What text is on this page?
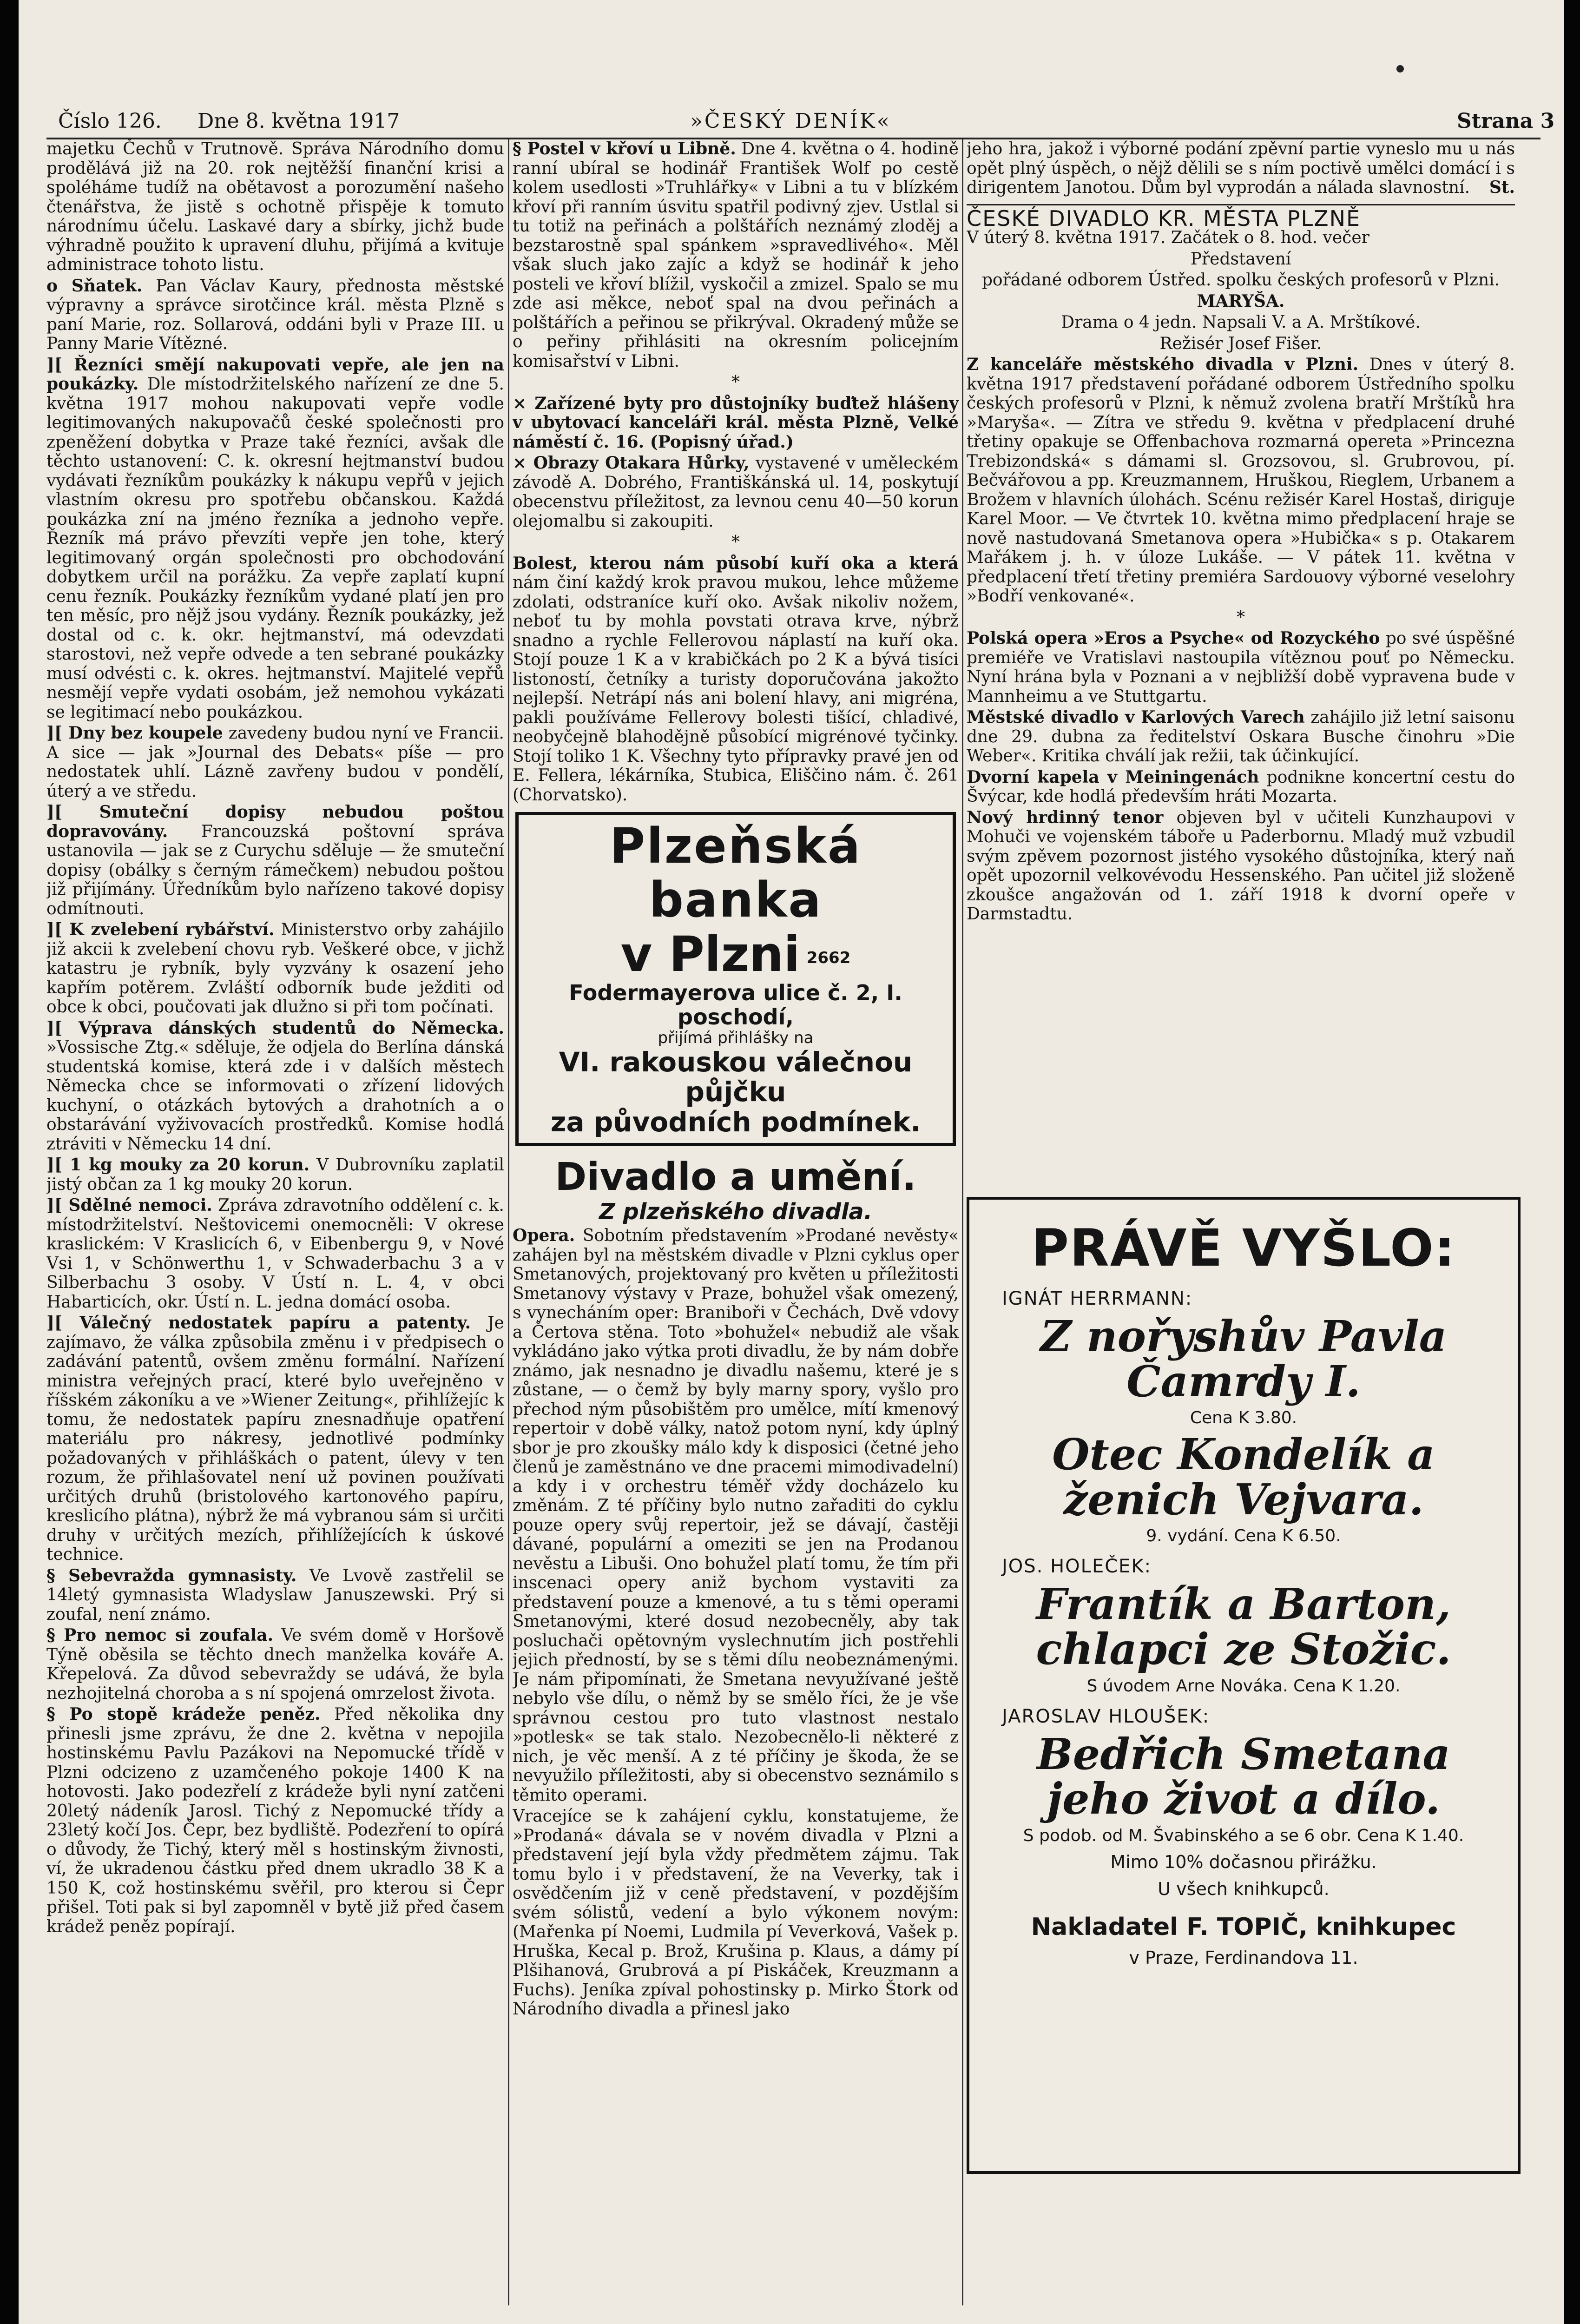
Číslo 126. Dne 8. května 1917	»ČESKÝ DENÍK«	Strana 3

majetku Čechů v Trutnově. Správa Národního domu prodělává již na 20. rok nejtěžší finanční krisi a spoléháme tudíž na obětavost a porozumění našeho čtenářstva, že jistě s ochotně přispěje k tomuto národnímu účelu. Laskavé dary a sbírky, jichž bude výhradně použito k upravení dluhu, přijímá a kvituje administrace tohoto listu.

o Sňatek. Pan Václav Kaury, přednosta městské výpravny a správce sirotčince král. města Plzně s paní Marie, roz. Sollarová, oddáni byli v Praze III. u Panny Marie Vítězné.

][ Řezníci smějí nakupovati vepře, ale jen na poukázky. Dle místodržitelského nařízení ze dne 5. května 1917 mohou nakupovati vepře vodle legitimovaných nakupovačů české společnosti pro zpeněžení dobytka v Praze také řezníci, avšak dle těchto ustanovení: C. k. okresní hejtmanství budou vydávati řezníkům poukázky k nákupu vepřů v jejich vlastním okresu pro spotřebu občanskou. Každá poukázka zní na jméno řezníka a jednoho vepře. Řezník má právo převzíti vepře jen tohe, který legitimovaný orgán společnosti pro obchodování dobytkem určil na porážku. Za vepře zaplatí kupní cenu řezník. Poukázky řezníkům vydané platí jen pro ten měsíc, pro nějž jsou vydány. Řezník poukázky, jež dostal od c. k. okr. hejtmanství, má odevzdati starostovi, než vepře odvede a ten sebrané poukázky musí odvésti c. k. okres. hejtmanství. Majitelé vepřů nesmějí vepře vydati osobám, jež nemohou vykázati se legitimací nebo poukázkou.

][ Dny bez koupele zavedeny budou nyní ve Francii. A sice — jak »Journal des Debats« píše — pro nedostatek uhlí. Lázně zavřeny budou v pondělí, úterý a ve středu.

][ Smuteční dopisy nebudou poštou dopravovány. Francouzská poštovní správa ustanovila — jak se z Curychu sděluje — že smuteční dopisy (obálky s černým rámečkem) nebudou poštou již přijímány. Úředníkům bylo nařízeno takové dopisy odmítnouti.

][ K zvelebení rybářství. Ministerstvo orby zahájilo již akcii k zvelebení chovu ryb. Veškeré obce, v jichž katastru je rybník, byly vyzvány k osazení jeho kapřím potěrem. Zvláští odborník bude ježditi od obce k obci, poučovati jak dlužno si při tom počínati.

][ Výprava dánských studentů do Německa. »Vossische Ztg.« sděluje, že odjela do Berlína dánská studentská komise, která zde i v dalších městech Německa chce se informovati o zřízení lidových kuchyní, o otázkách bytových a drahotních a o obstarávání vyživovacích prostředků. Komise hodlá ztráviti v Německu 14 dní.

][ 1 kg mouky za 20 korun. V Dubrovníku zaplatil jistý občan za 1 kg mouky 20 korun.

][ Sdělné nemoci. Zpráva zdravotního oddělení c. k. místodržitelství. Neštovicemi onemocněli: V okrese kraslickém: V Kraslicích 6, v Eibenbergu 9, v Nové Vsi 1, v Schönwerthu 1, v Schwaderbachu 3 a v Silberbachu 3 osoby. V Ústí n. L. 4, v obci Habarticích, okr. Ústí n. L. jedna domácí osoba.

][ Válečný nedostatek papíru a patenty. Je zajímavo, že válka způsobila změnu i v předpisech o zadávání patentů, ovšem změnu formální. Nařízení ministra veřejných prací, které bylo uveřejněno v říšském zákoníku a ve »Wiener Zeitung«, přihlížejíc k tomu, že nedostatek papíru znesnadňuje opatření materiálu pro nákresy, jednotlivé podmínky požadovaných v přihláškách o patent, úlevy v ten rozum, že přihlašovatel není už povinen používati určitých druhů (bristolového kartonového papíru, kreslicího plátna), nýbrž že má vybranou sám si určiti druhy v určitých mezích, přihlížejících k úskové technice.

§ Sebevražda gymnasisty. Ve Lvově zastřelil se 14letý gymnasista Wladyslaw Januszewski. Prý si zoufal, není známo.

§ Pro nemoc si zoufala. Ve svém domě v Horšově Týně oběsila se těchto dnech manželka kováře A. Křepelová. Za důvod sebevraždy se udává, že byla nezhojitelná choroba a s ní spojená omrzelost života.

§ Po stopě krádeže peněz. Před několika dny přinesli jsme zprávu, že dne 2. května v nepojila hostinskému Pavlu Pazákovi na Nepomucké třídě v Plzni odcizeno z uzamčeného pokoje 1400 K na hotovosti. Jako podezřelí z krádeže byli nyní zatčeni 20letý nádeník Jarosl. Tichý z Nepomucké třídy a 23letý kočí Jos. Čepr, bez bydliště. Podezření to opírá o důvody, že Tichý, který měl s hostinským živnosti, ví, že ukradenou částku před dnem ukradlo 38 K a 150 K, což hostinskému svěřil, pro kterou si Čepr přišel. Toti pak si byl zapomněl v bytě již před časem krádež peněz popírají.

§ Postel v křoví u Libně. Dne 4. května o 4. hodině ranní ubíral se hodinář František Wolf po cestě kolem usedlosti »Truhlářky« v Libni a tu v blízkém křoví při ranním úsvitu spatřil podivný zjev. Ustlal si tu totiž na peřinách a polštářích neznámý zloděj a bezstarostně spal spánkem »spravedlivého«. Měl však sluch jako zajíc a když se hodinář k jeho posteli ve křoví blížil, vyskočil a zmizel. Spalo se mu zde asi měkce, neboť spal na dvou peřinách a polštářích a peřinou se přikrýval. Okradený může se o peřiny přihlásiti na okresním policejním komisařství v Libni.

*

× Zařízené byty pro důstojníky buďtež hlášeny v ubytovací kanceláři král. města Plzně, Velké náměstí č. 16. (Popisný úřad.)

× Obrazy Otakara Hůrky, vystavené v uměleckém závodě A. Dobrého, Františkánská ul. 14, poskytují obecenstvu příležitost, za levnou cenu 40—50 korun olejomalbu si zakoupiti.

*

Bolest, kterou nám působí kuří oka a která nám činí každý krok pravou mukou, lehce můžeme zdolati, odstraníce kuří oko. Avšak nikoliv nožem, neboť tu by mohla povstati otrava krve, nýbrž snadno a rychle Fellerovou náplastí na kuří oka. Stojí pouze 1 K a v krabičkách po 2 K a bývá tisíci listoností, četníky a turisty doporučována jakožto nejlepší. Netrápí nás ani bolení hlavy, ani migréna, pakli používáme Fellerovy bolesti tišící, chladivé, neobyčejně blahodějně působící migrénové tyčinky. Stojí toliko 1 K. Všechny tyto přípravky pravé jen od E. Fellera, lékárníka, Stubica, Eliščino nám. č. 261 (Chorvatsko).

Plzeňská banka
v Plzni 2662
Fodermayerova ulice č. 2, I. poschodí,
přijímá přihlášky na
VI. rakouskou válečnou půjčku
za původních podmínek.
Divadlo a umění.
Z plzeňského divadla.

Opera. Sobotním představením »Prodané nevěsty« zahájen byl na městském divadle v Plzni cyklus oper Smetanových, projektovaný pro květen u příležitosti Smetanovy výstavy v Praze, bohužel však omezený, s vynecháním oper: Braniboři v Čechách, Dvě vdovy a Čertova stěna. Toto »bohužel« nebudiž ale však vykládáno jako výtka proti divadlu, že by nám dobře známo, jak nesnadno je divadlu našemu, které je s zůstane, — o čemž by byly marny spory, vyšlo pro přechod ným působištěm pro umělce, mítí kmenový repertoir v době války, natož potom nyní, kdy úplný sbor je pro zkoušky málo kdy k disposici (četné jeho členů je zaměstnáno ve dne pracemi mimodivadelní) a kdy i v orchestru téměř vždy docházelo ku změnám. Z té příčiny bylo nutno zařaditi do cyklu pouze opery svůj repertoir, jež se dávají, častěji dávané, populární a omeziti se jen na Prodanou nevěstu a Libuši. Ono bohužel platí tomu, že tím při inscenaci opery aniž bychom vystaviti za představení pouze a kmenové, a tu s těmi operami Smetanovými, které dosud nezobecněly, aby tak posluchači opětovným vyslechnutím jich postřehli jejich předností, by se s těmi dílu neobeznámenými. Je nám připomínati, že Smetana nevyužívané ještě nebylo vše dílu, o němž by se smělo říci, že je vše správnou cestou pro tuto vlastnost nestalo »potlesk« se tak stalo. Nezobecnělo-li některé z nich, je věc menší. A z té příčiny je škoda, že se nevyužilo příležitosti, aby si obecenstvo seznámilo s těmito operami.

Vracejíce se k zahájení cyklu, konstatujeme, že »Prodaná« dávala se v novém divadla v Plzni a představení její byla vždy předmětem zájmu. Tak tomu bylo i v představení, že na Veverky, tak i osvědčením již v ceně představení, v pozdějším svém sólistů, vedení a bylo výkonem novým: (Mařenka pí Noemi, Ludmila pí Veverková, Vašek p. Hruška, Kecal p. Brož, Krušina p. Klaus, a dámy pí Plšihanová, Grubrová a pí Piskáček, Kreuzmann a Fuchs). Jeníka zpíval pohostinsky p. Mirko Štork od Národního divadla a přinesl jako

jeho hra, jakož i výborné podání zpěvní partie vyneslo mu u nás opět plný úspěch, o nějž dělili se s ním poctivě umělci domácí i s dirigentem Janotou. Dům byl vyprodán a nálada slavnostní. St.

ČESKÉ DIVADLO KR. MĚSTA PLZNĚ

V úterý 8. května 1917. Začátek o 8. hod. večer

Představení

pořádané odborem Ústřed. spolku českých profesorů v Plzni.

MARYŠA.

Drama o 4 jedn. Napsali V. a A. Mrštíkové.

Režisér Josef Fišer.

Z kanceláře městského divadla v Plzni. Dnes v úterý 8. května 1917 představení pořádané odborem Ústředního spolku českých profesorů v Plzni, k němuž zvolena bratří Mrštíků hra »Maryša«. — Zítra ve středu 9. května v předplacení druhé třetiny opakuje se Offenbachova rozmarná opereta »Princezna Trebizondská« s dámami sl. Grozsovou, sl. Grubrovou, pí. Bečvářovou a pp. Kreuzmannem, Hruškou, Rieglem, Urbanem a Brožem v hlavních úlohách. Scénu režisér Karel Hostaš, diriguje Karel Moor. — Ve čtvrtek 10. května mimo předplacení hraje se nově nastudovaná Smetanova opera »Hubička« s p. Otakarem Mařákem j. h. v úloze Lukáše. — V pátek 11. května v předplacení třetí třetiny premiéra Sardouovy výborné veselohry »Bodří venkované«.

*

Polská opera »Eros a Psyche« od Rozyckého po své úspěšné premiéře ve Vratislavi nastoupila vítěznou pouť po Německu. Nyní hrána byla v Poznani a v nejbližší době vypravena bude v Mannheimu a ve Stuttgartu.

Městské divadlo v Karlových Varech zahájilo již letní saisonu dne 29. dubna za ředitelství Oskara Busche činohru »Die Weber«. Kritika chválí jak režii, tak účinkující.

Dvorní kapela v Meiningenách podnikne koncertní cestu do Švýcar, kde hodlá především hráti Mozarta.

Nový hrdinný tenor objeven byl v učiteli Kunzhaupovi v Mohuči ve vojenském táboře u Paderbornu. Mladý muž vzbudil svým zpěvem pozornost jistého vysokého důstojníka, který naň opět upozornil velkovévodu Hessenského. Pan učitel již složeně zkoušce angažován od 1. září 1918 k dvorní opeře v Darmstadtu.

PRÁVĚ VYŠLO:
IGNÁT HERRMANN:
Z nořyshův Pavla Čamrdy I.
Cena K 3.80.
Otec Kondelík a ženich Vejvara.
9. vydání. Cena K 6.50.
JOS. HOLEČEK:
Frantík a Barton, chlapci ze Stožic.
S úvodem Arne Nováka. Cena K 1.20.
JAROSLAV HLOUŠEK:
Bedřich Smetana jeho život a dílo.
S podob. od M. Švabinského a se 6 obr. Cena K 1.40.
Mimo 10% dočasnou přirážku.
U všech knihkupců.
Nakladatel F. TOPIČ, knihkupec
v Praze, Ferdinandova 11.
